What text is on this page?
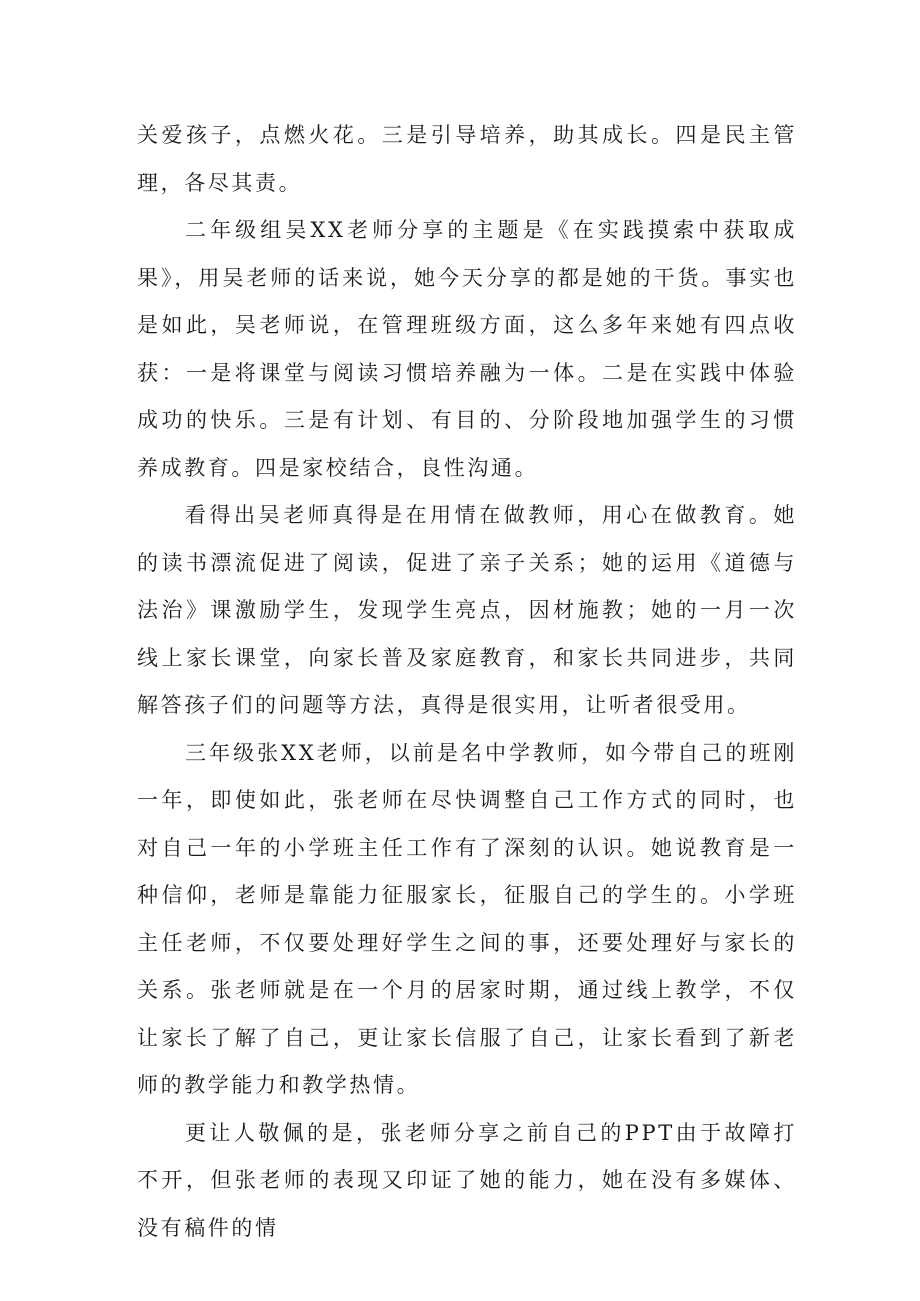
关爱孩子，点燃火花。三是引导培养，助其成长。四是民主管理，各尽其责。

二年级组吴XX老师分享的主题是《在实践摸索中获取成果》，用吴老师的话来说，她今天分享的都是她的干货。事实也是如此，吴老师说，在管理班级方面，这么多年来她有四点收获：一是将课堂与阅读习惯培养融为一体。二是在实践中体验成功的快乐。三是有计划、有目的、分阶段地加强学生的习惯养成教育。四是家校结合，良性沟通。

看得出吴老师真得是在用情在做教师，用心在做教育。她的读书漂流促进了阅读，促进了亲子关系；她的运用《道德与法治》课激励学生，发现学生亮点，因材施教；她的一月一次线上家长课堂，向家长普及家庭教育，和家长共同进步，共同解答孩子们的问题等方法，真得是很实用，让听者很受用。

三年级张XX老师，以前是名中学教师，如今带自己的班刚一年，即使如此，张老师在尽快调整自己工作方式的同时，也对自己一年的小学班主任工作有了深刻的认识。她说教育是一种信仰，老师是靠能力征服家长，征服自己的学生的。小学班主任老师，不仅要处理好学生之间的事，还要处理好与家长的关系。张老师就是在一个月的居家时期，通过线上教学，不仅让家长了解了自己，更让家长信服了自己，让家长看到了新老师的教学能力和教学热情。

更让人敬佩的是，张老师分享之前自己的PPT由于故障打不开，但张老师的表现又印证了她的能力，她在没有多媒体、没有稿件的情
